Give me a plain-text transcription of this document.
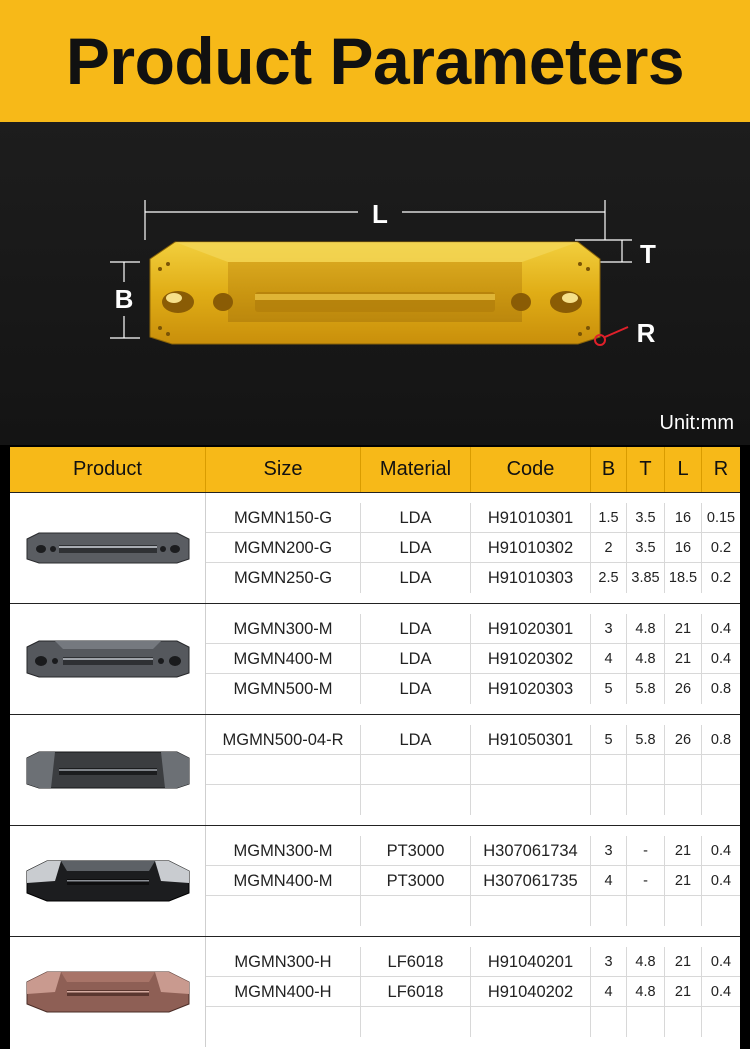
Product Parameters
L
T
B
R
Unit:mm
Product	Size	Material	Code	B	T	L	R
MGMN150-G	LDA	H91010301	1.5	3.5	16	0.15
MGMN200-G	LDA	H91010302	2	3.5	16	0.2
MGMN250-G	LDA	H91010303	2.5 3.85 18.5 0.2
MGMN300-M	LDA	H91020301	3	4.8	21	0.4
MGMN400-M	LDA	H91020302	4	4.8	21	0.4
MGMN500-M	LDA	H91020303	5	5.8	26	0.8
MGMN500-04-R	LDA	H91050301	5	5.8	26	0.8
MGMN300-M	PT3000	H307061734	3	-	21	0.4
MGMN400-M	PT3000	H307061735	4	-	21	0.4
MGMN300-H	LF6018	H91040201	3	4.8	21	0.4
MGMN400-H	LF6018	H91040202	4	4.8	21	0.4
